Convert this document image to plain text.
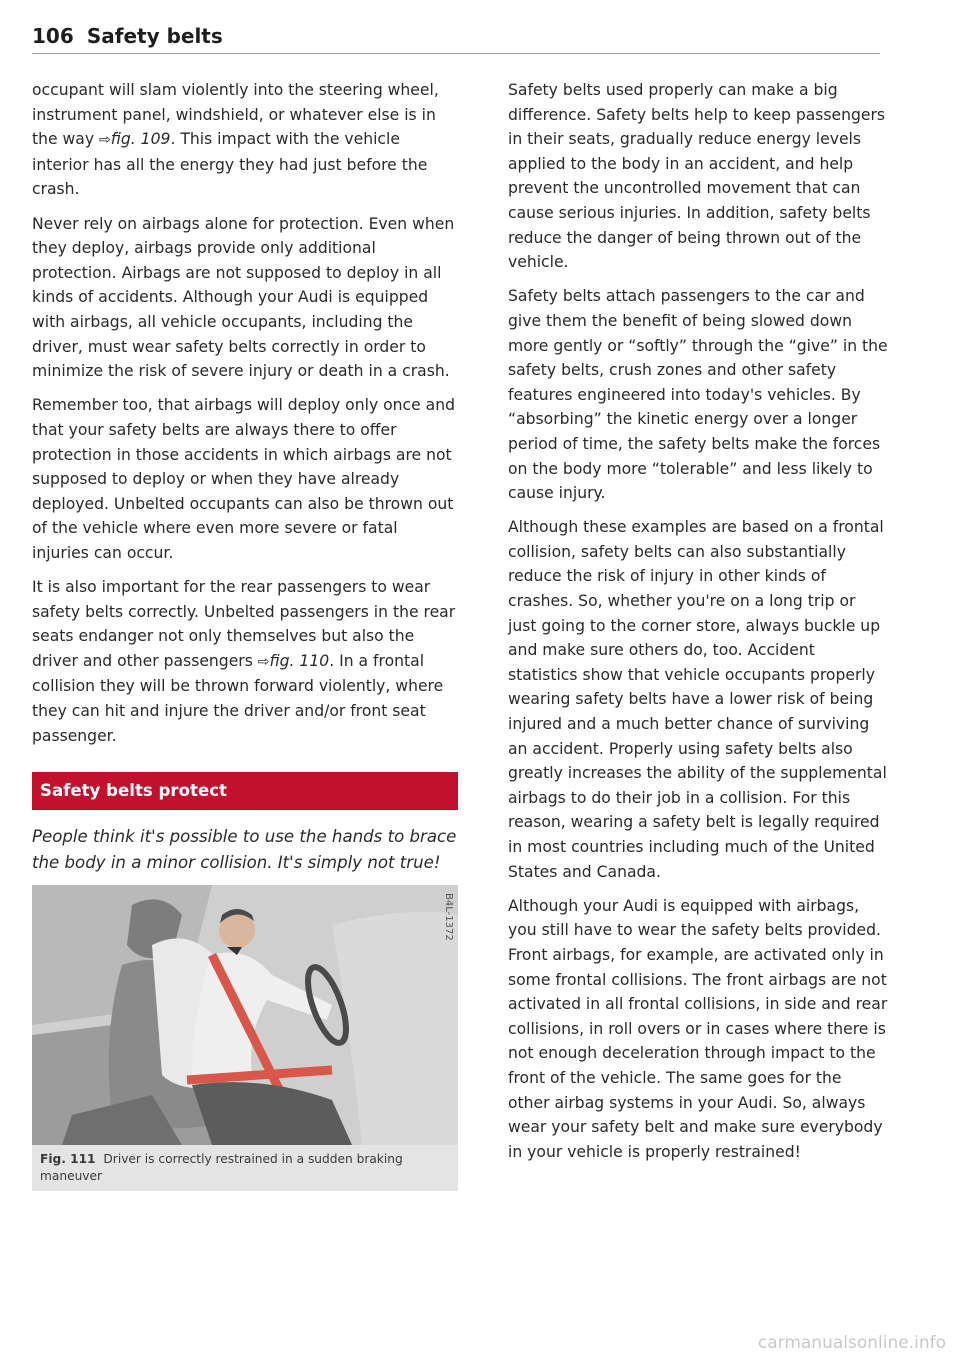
106 Safety belts

occupant will slam violently into the steering wheel, instrument panel, windshield, or whatever else is in the way ⇨fig. 109. This impact with the vehicle interior has all the energy they had just before the crash.

Never rely on airbags alone for protection. Even when they deploy, airbags provide only additional protection. Airbags are not supposed to deploy in all kinds of accidents. Although your Audi is equipped with airbags, all vehicle occupants, including the driver, must wear safety belts correctly in order to minimize the risk of severe injury or death in a crash.

Remember too, that airbags will deploy only once and that your safety belts are always there to offer protection in those accidents in which airbags are not supposed to deploy or when they have already deployed. Unbelted occupants can also be thrown out of the vehicle where even more severe or fatal injuries can occur.

It is also important for the rear passengers to wear safety belts correctly. Unbelted passengers in the rear seats endanger not only themselves but also the driver and other passengers ⇨fig. 110. In a frontal collision they will be thrown forward violently, where they can hit and injure the driver and/or front seat passenger.

Safety belts protect

People think it's possible to use the hands to brace the body in a minor collision. It's simply not true!

B4L-1372
Fig. 111 Driver is correctly restrained in a sudden braking maneuver

Safety belts used properly can make a big difference. Safety belts help to keep passengers in their seats, gradually reduce energy levels applied to the body in an accident, and help prevent the uncontrolled movement that can cause serious injuries. In addition, safety belts reduce the danger of being thrown out of the vehicle.

Safety belts attach passengers to the car and give them the benefit of being slowed down more gently or “softly” through the “give” in the safety belts, crush zones and other safety features engineered into today's vehicles. By “absorbing” the kinetic energy over a longer period of time, the safety belts make the forces on the body more “tolerable” and less likely to cause injury.

Although these examples are based on a frontal collision, safety belts can also substantially reduce the risk of injury in other kinds of crashes. So, whether you're on a long trip or just going to the corner store, always buckle up and make sure others do, too. Accident statistics show that vehicle occupants properly wearing safety belts have a lower risk of being injured and a much better chance of surviving an accident. Properly using safety belts also greatly increases the ability of the supplemental airbags to do their job in a collision. For this reason, wearing a safety belt is legally required in most countries including much of the United States and Canada.

Although your Audi is equipped with airbags, you still have to wear the safety belts provided. Front airbags, for example, are activated only in some frontal collisions. The front airbags are not activated in all frontal collisions, in side and rear collisions, in roll overs or in cases where there is not enough deceleration through impact to the front of the vehicle. The same goes for the other airbag systems in your Audi. So, always wear your safety belt and make sure everybody in your vehicle is properly restrained!

carmanualsonline.info
